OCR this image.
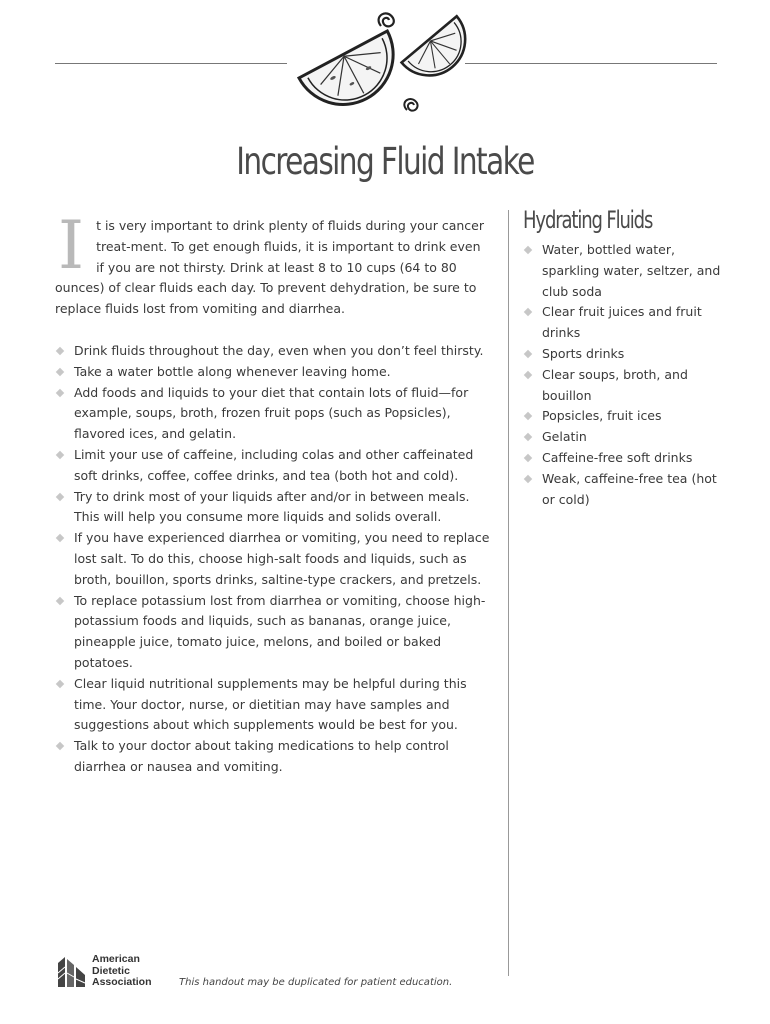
Increasing Fluid Intake

It is very important to drink plenty of fluids during your cancer treat-ment. To get enough fluids, it is important to drink even if you are not thirsty. Drink at least 8 to 10 cups (64 to 80 ounces) of clear fluids each day. To prevent dehydration, be sure to replace fluids lost from vomiting and diarrhea.

Drink fluids throughout the day, even when you don’t feel thirsty.
Take a water bottle along whenever leaving home.
Add foods and liquids to your diet that contain lots of fluid—for example, soups, broth, frozen fruit pops (such as Popsicles), flavored ices, and gelatin.
Limit your use of caffeine, including colas and other caffeinated soft drinks, coffee, coffee drinks, and tea (both hot and cold).
Try to drink most of your liquids after and/or in between meals. This will help you consume more liquids and solids overall.
If you have experienced diarrhea or vomiting, you need to replace lost salt. To do this, choose high-salt foods and liquids, such as broth, bouillon, sports drinks, saltine-type crackers, and pretzels.
To replace potassium lost from diarrhea or vomiting, choose high-potassium foods and liquids, such as bananas, orange juice, pineapple juice, tomato juice, melons, and boiled or baked potatoes.
Clear liquid nutritional supplements may be helpful during this time. Your doctor, nurse, or dietitian may have samples and suggestions about which supplements would be best for you.
Talk to your doctor about taking medications to help control diarrhea or nausea and vomiting.
Hydrating Fluids
Water, bottled water, sparkling water, seltzer, and club soda
Clear fruit juices and fruit drinks
Sports drinks
Clear soups, broth, and bouillon
Popsicles, fruit ices
Gelatin
Caffeine-free soft drinks
Weak, caffeine-free tea (hot or cold)
American
Dietetic
Association	This handout may be duplicated for patient education.
